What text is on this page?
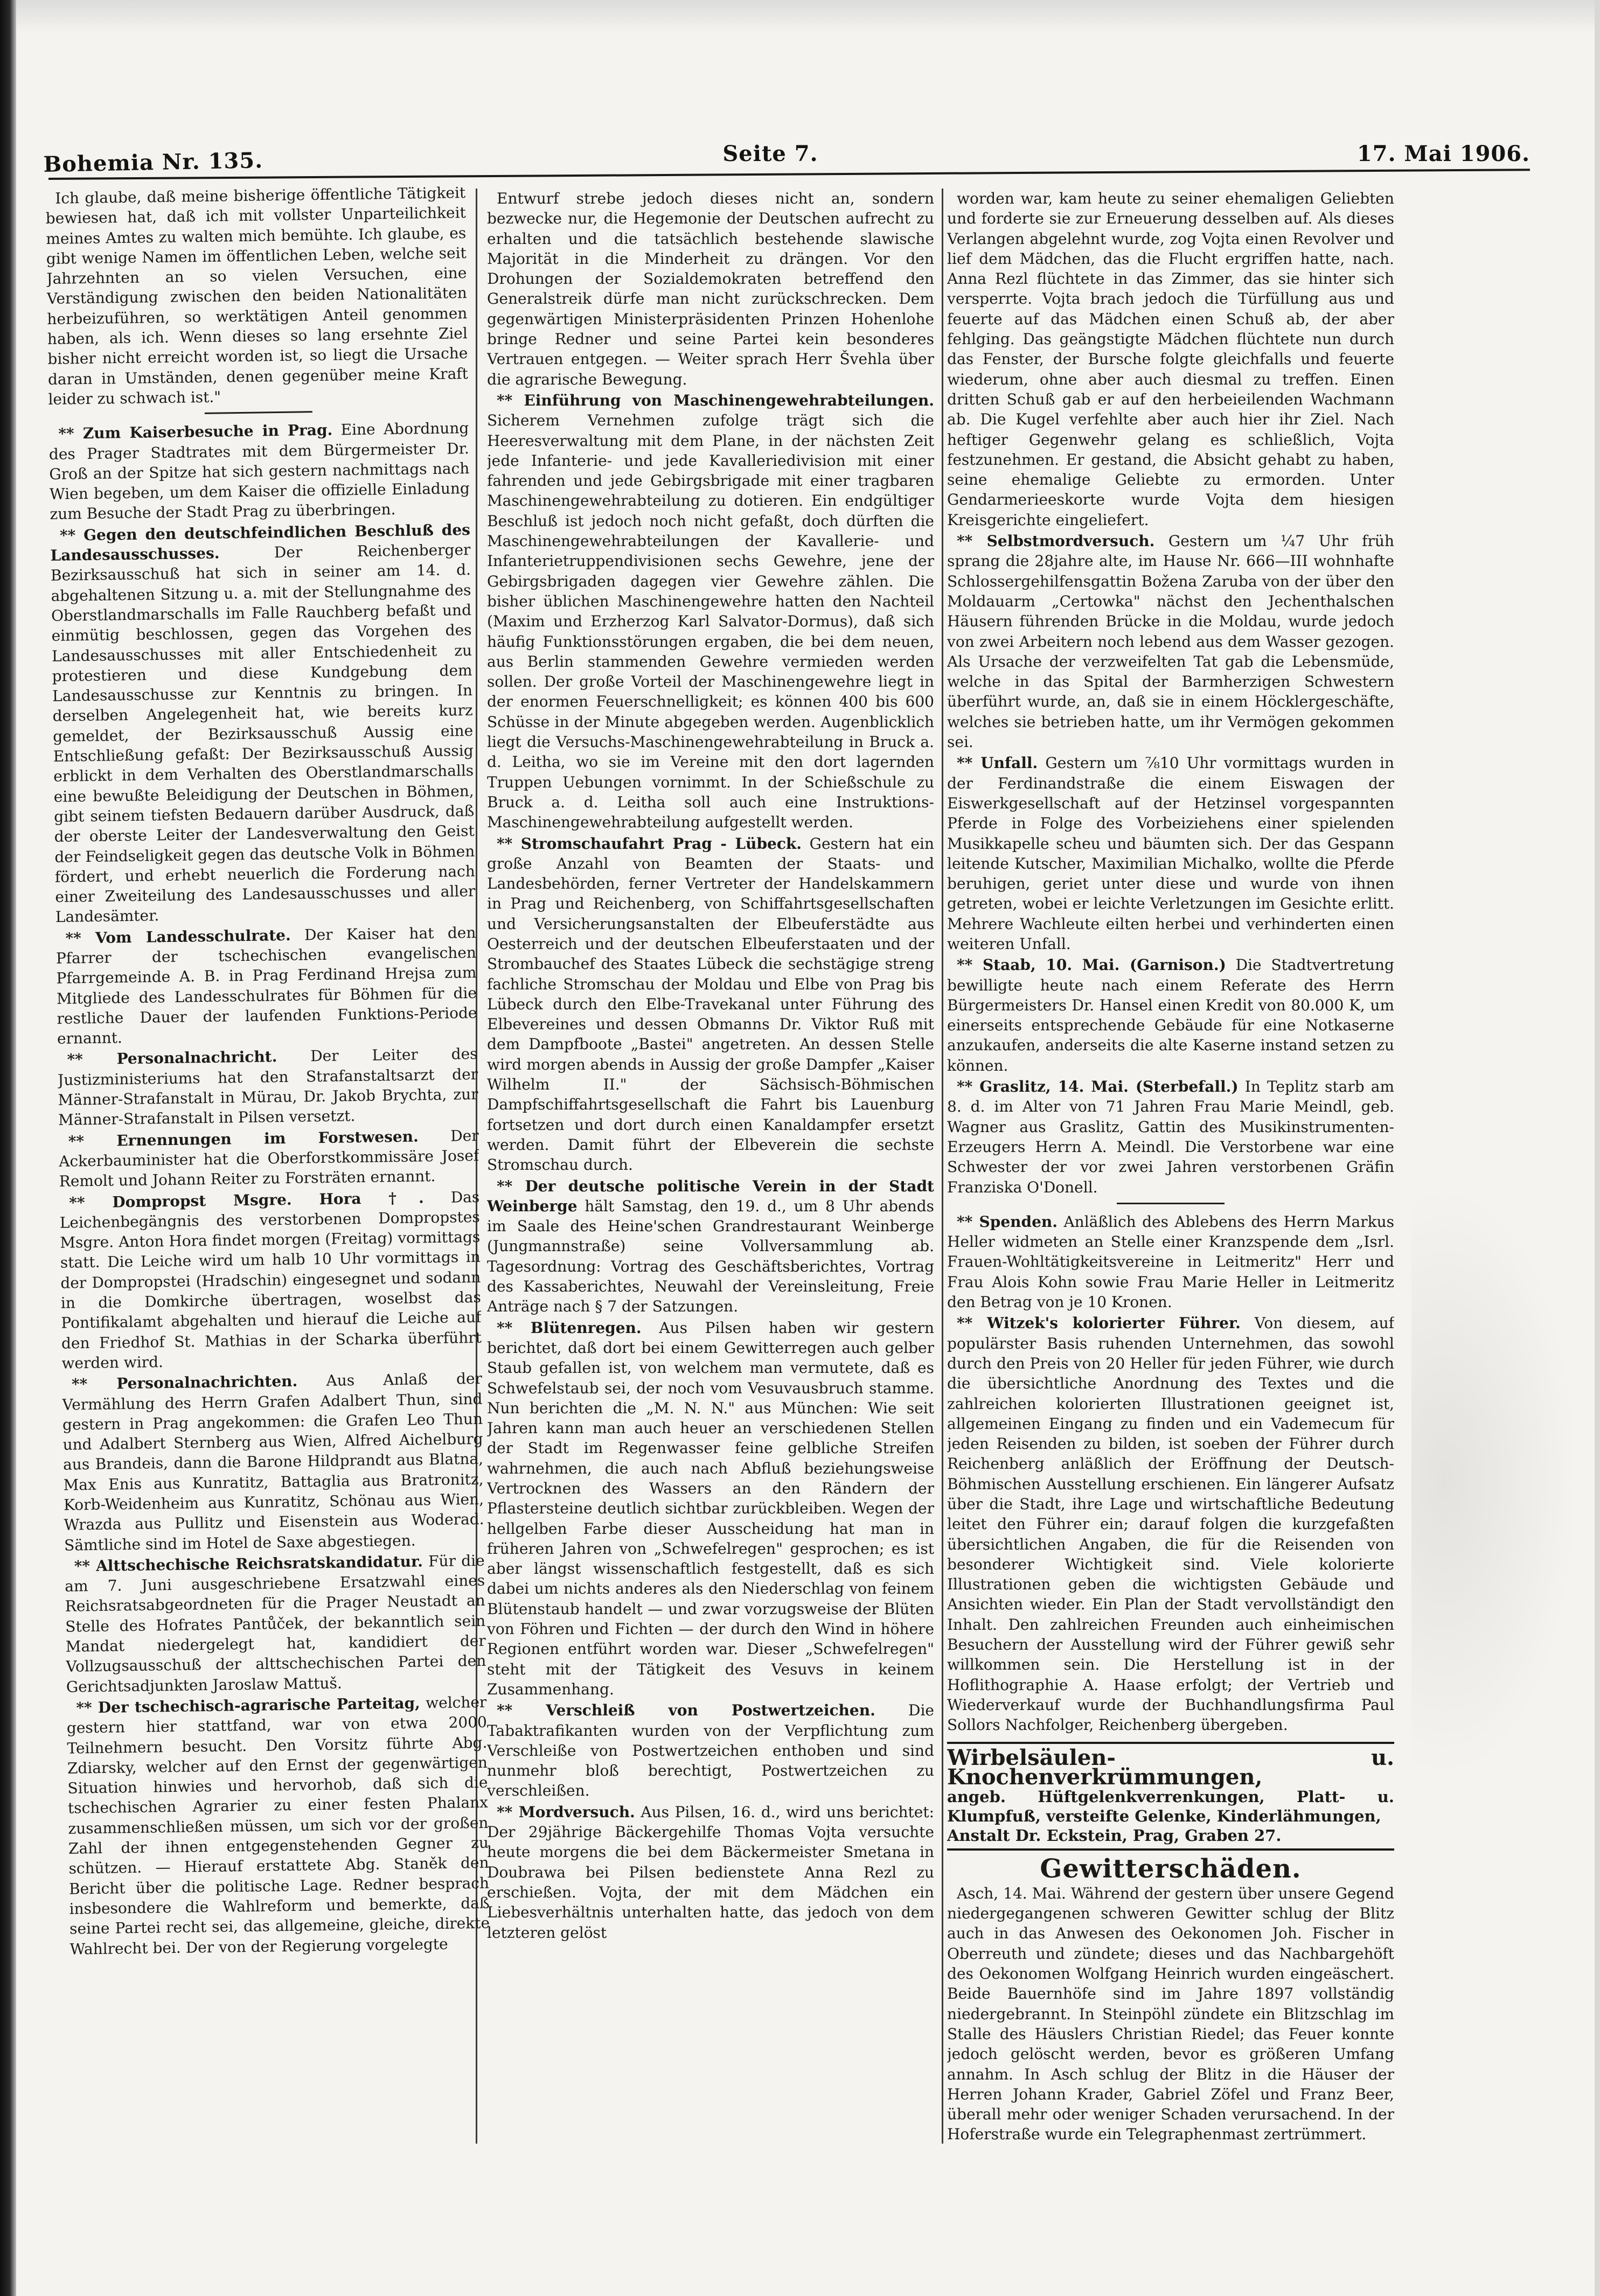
Bohemia Nr. 135.	Seite 7.	17. Mai 1906.

Ich glaube, daß meine bisherige öffentliche Tätigkeit bewiesen hat, daß ich mit vollster Unparteilichkeit meines Amtes zu walten mich bemühte. Ich glaube, es gibt wenige Namen im öffentlichen Leben, welche seit Jahrzehnten an so vielen Versuchen, eine Verständigung zwischen den beiden Nationalitäten herbeizuführen, so werktätigen Anteil genommen haben, als ich. Wenn dieses so lang ersehnte Ziel bisher nicht erreicht worden ist, so liegt die Ursache daran in Umständen, denen gegenüber meine Kraft leider zu schwach ist."

** Zum Kaiserbesuche in Prag. Eine Abordnung des Prager Stadtrates mit dem Bürgermeister Dr. Groß an der Spitze hat sich gestern nachmittags nach Wien begeben, um dem Kaiser die offizielle Einladung zum Besuche der Stadt Prag zu überbringen.

** Gegen den deutschfeindlichen Beschluß des Landesausschusses.	Der Reichenberger Bezirksausschuß hat sich in seiner am 14. d. abgehaltenen Sitzung u. a. mit der Stellungnahme des Oberstlandmarschalls im Falle Rauchberg befaßt und einmütig beschlossen, gegen das Vorgehen des Landesausschusses mit aller Entschiedenheit zu protestieren und diese Kundgebung dem Landesausschusse zur Kenntnis zu bringen. In derselben Angelegenheit hat, wie bereits kurz gemeldet, der Bezirksausschuß Aussig eine Entschließung gefaßt: Der Bezirksausschuß Aussig erblickt in dem Verhalten des Oberstlandmarschalls eine bewußte Beleidigung der Deutschen in Böhmen, gibt seinem tiefsten Bedauern darüber Ausdruck, daß der oberste Leiter der Landesverwaltung den Geist der Feindseligkeit gegen das deutsche Volk in Böhmen fördert, und erhebt neuerlich die Forderung nach einer Zweiteilung des Landesausschusses und aller Landesämter.

** Vom Landesschulrate. Der Kaiser hat den Pfarrer der tschechischen evangelischen Pfarrgemeinde A. B. in Prag Ferdinand Hrejsa zum Mitgliede des Landesschulrates für Böhmen für die restliche Dauer der laufenden Funktions-Periode ernannt.

** Personalnachricht. Der Leiter des Justizministeriums hat den Strafanstaltsarzt der Männer-Strafanstalt in Mürau, Dr. Jakob Brychta, zur Männer-Strafanstalt in Pilsen versetzt.

** Ernennungen im Forstwesen. Der Ackerbauminister hat die Oberforstkommissäre Josef Remolt und Johann Reiter zu Forsträten ernannt.

** Dompropst Msgre. Hora †. Das Leichenbegängnis des verstorbenen Dompropstes Msgre. Anton Hora findet morgen (Freitag) vormittags statt. Die Leiche wird um halb 10 Uhr vormittags in der Dompropstei (Hradschin) eingesegnet und sodann in die Domkirche übertragen, woselbst das Pontifikalamt abgehalten und hierauf die Leiche auf den Friedhof St. Mathias in der Scharka überführt werden wird.

** Personalnachrichten. Aus Anlaß der Vermählung des Herrn Grafen Adalbert Thun, sind gestern in Prag angekommen: die Grafen Leo Thun und Adalbert Sternberg aus Wien, Alfred Aichelburg aus Brandeis, dann die Barone Hildprandt aus Blatna, Max Enis aus Kunratitz, Battaglia aus Bratronitz, Korb-Weidenheim aus Kunratitz, Schönau aus Wien, Wrazda aus Pullitz und Eisenstein aus Woderad. Sämtliche sind im Hotel de Saxe abgestiegen.

** Alttschechische Reichsratskandidatur. Für die am 7. Juni ausgeschriebene Ersatzwahl eines Reichsratsabgeordneten für die Prager Neustadt an Stelle des Hofrates Pantůček, der bekanntlich sein Mandat niedergelegt hat, kandidiert der Vollzugsausschuß der alttschechischen Partei den Gerichtsadjunkten Jaroslaw Mattuš.

** Der tschechisch-agrarische Parteitag, welcher gestern hier stattfand, war von etwa 2000 Teilnehmern besucht. Den Vorsitz führte Abg. Zdiarsky, welcher auf den Ernst der gegenwärtigen Situation hinwies und hervorhob, daß sich die tschechischen Agrarier zu einer festen Phalanx zusammenschließen müssen, um sich vor der großen Zahl der ihnen entgegenstehenden Gegner zu schützen. — Hierauf erstattete Abg. Staněk den Bericht über die politische Lage. Redner besprach insbesondere die Wahlreform und bemerkte, daß seine Partei recht sei, das allgemeine, gleiche, direkte Wahlrecht bei. Der von der Regierung vorgelegte

Entwurf strebe jedoch dieses nicht an, sondern bezwecke nur, die Hegemonie der Deutschen aufrecht zu erhalten und die tatsächlich bestehende slawische Majorität in die Minderheit zu drängen. Vor den Drohungen der Sozialdemokraten betreffend den Generalstreik dürfe man nicht zurückschrecken. Dem gegenwärtigen Ministerpräsidenten Prinzen Hohenlohe bringe Redner und seine Partei kein besonderes Vertrauen entgegen. — Weiter sprach Herr Švehla über die agrarische Bewegung.

** Einführung von Maschinengewehrabteilungen. Sicherem Vernehmen zufolge trägt sich die Heeresverwaltung mit dem Plane, in der nächsten Zeit jede Infanterie- und jede Kavalleriedivision mit einer fahrenden und jede Gebirgsbrigade mit einer tragbaren Maschinengewehrabteilung zu dotieren. Ein endgültiger Beschluß ist jedoch noch nicht gefaßt, doch dürften die Maschinengewehrabteilungen der Kavallerie- und Infanterietruppendivisionen sechs Gewehre, jene der Gebirgsbrigaden dagegen vier Gewehre zählen. Die bisher üblichen Maschinengewehre hatten den Nachteil (Maxim und Erzherzog Karl Salvator-Dormus), daß sich häufig Funktionsstörungen ergaben, die bei dem neuen, aus Berlin stammenden Gewehre vermieden werden sollen. Der große Vorteil der Maschinengewehre liegt in der enormen Feuerschnelligkeit; es können 400 bis 600 Schüsse in der Minute abgegeben werden. Augenblicklich liegt die Versuchs-Maschinengewehrabteilung in Bruck a. d. Leitha, wo sie im Vereine mit den dort lagernden Truppen Uebungen vornimmt. In der Schießschule zu Bruck a. d. Leitha soll auch eine Instruktions-Maschinengewehrabteilung aufgestellt werden.

** Stromschaufahrt Prag - Lübeck. Gestern hat ein große Anzahl von Beamten der Staats- und Landesbehörden, ferner Vertreter der Handelskammern in Prag und Reichenberg, von Schiffahrtsgesellschaften und Versicherungsanstalten der Elbeuferstädte aus Oesterreich und der deutschen Elbeuferstaaten und der Strombauchef des Staates Lübeck die sechstägige streng fachliche Stromschau der Moldau und Elbe von Prag bis Lübeck durch den Elbe-Travekanal unter Führung des Elbevereines und dessen Obmanns Dr. Viktor Ruß mit dem Dampfboote „Bastei" angetreten. An dessen Stelle wird morgen abends in Aussig der große Dampfer „Kaiser Wilhelm II." der Sächsisch-Böhmischen Dampfschiffahrtsgesellschaft die Fahrt bis Lauenburg fortsetzen und dort durch einen Kanaldampfer ersetzt werden. Damit führt der Elbeverein die sechste Stromschau durch.

** Der deutsche politische Verein in der Stadt Weinberge hält Samstag, den 19. d., um 8 Uhr abends im Saale des Heine'schen Grandrestaurant Weinberge (Jungmannstraße) seine Vollversammlung ab. Tagesordnung: Vortrag des Geschäftsberichtes, Vortrag des Kassaberichtes, Neuwahl der Vereinsleitung, Freie Anträge nach § 7 der Satzungen.

** Blütenregen. Aus Pilsen haben wir gestern berichtet, daß dort bei einem Gewitterregen auch gelber Staub gefallen ist, von welchem man vermutete, daß es Schwefelstaub sei, der noch vom Vesuvausbruch stamme. Nun berichten die „M. N. N." aus München: Wie seit Jahren kann man auch heuer an verschiedenen Stellen der Stadt im Regenwasser feine gelbliche Streifen wahrnehmen, die auch nach Abfluß beziehungsweise Vertrocknen des Wassers an den Rändern der Pflastersteine deutlich sichtbar zurückbleiben. Wegen der hellgelben Farbe dieser Ausscheidung hat man in früheren Jahren von „Schwefelregen" gesprochen; es ist aber längst wissenschaftlich festgestellt, daß es sich dabei um nichts anderes als den Niederschlag von feinem Blütenstaub handelt — und zwar vorzugsweise der Blüten von Föhren und Fichten — der durch den Wind in höhere Regionen entführt worden war. Dieser „Schwefelregen" steht mit der Tätigkeit des Vesuvs in keinem Zusammenhang.

** Verschleiß von Postwertzeichen. Die Tabaktrafikanten wurden von der Verpflichtung zum Verschleiße von Postwertzeichen enthoben und sind nunmehr bloß berechtigt, Postwertzeichen zu verschleißen.

** Mordversuch. Aus Pilsen, 16. d., wird uns berichtet: Der 29jährige Bäckergehilfe Thomas Vojta versuchte heute morgens die bei dem Bäckermeister Smetana in Doubrawa bei Pilsen bedienstete Anna Rezl zu erschießen. Vojta, der mit dem Mädchen ein Liebesverhältnis unterhalten hatte, das jedoch von dem letzteren gelöst

worden war, kam heute zu seiner ehemaligen Geliebten und forderte sie zur Erneuerung desselben auf. Als dieses Verlangen abgelehnt wurde, zog Vojta einen Revolver und lief dem Mädchen, das die Flucht ergriffen hatte, nach. Anna Rezl flüchtete in das Zimmer, das sie hinter sich versperrte. Vojta brach jedoch die Türfüllung aus und feuerte auf das Mädchen einen Schuß ab, der aber fehlging. Das geängstigte Mädchen flüchtete nun durch das Fenster, der Bursche folgte gleichfalls und feuerte wiederum, ohne aber auch diesmal zu treffen. Einen dritten Schuß gab er auf den herbeieilenden Wachmann ab. Die Kugel verfehlte aber auch hier ihr Ziel. Nach heftiger Gegenwehr gelang es schließlich, Vojta festzunehmen. Er gestand, die Absicht gehabt zu haben, seine ehemalige Geliebte zu ermorden. Unter Gendarmerieeskorte wurde Vojta dem hiesigen Kreisgerichte eingeliefert.

** Selbstmordversuch. Gestern um ¼7 Uhr früh sprang die 28jahre alte, im Hause Nr. 666—III wohnhafte Schlossergehilfensgattin Božena Zaruba von der über den Moldauarm „Certowka" nächst den Jechenthalschen Häusern führenden Brücke in die Moldau, wurde jedoch von zwei Arbeitern noch lebend aus dem Wasser gezogen. Als Ursache der verzweifelten Tat gab die Lebensmüde, welche in das Spital der Barmherzigen Schwestern überführt wurde, an, daß sie in einem Höcklergeschäfte, welches sie betrieben hatte, um ihr Vermögen gekommen sei.

** Unfall. Gestern um ⅞10 Uhr vormittags wurden in der Ferdinandstraße die einem Eiswagen der Eiswerkgesellschaft auf der Hetzinsel vorgespannten Pferde in Folge des Vorbeiziehens einer spielenden Musikkapelle scheu und bäumten sich. Der das Gespann leitende Kutscher, Maximilian Michalko, wollte die Pferde beruhigen, geriet unter diese und wurde von ihnen getreten, wobei er leichte Verletzungen im Gesichte erlitt. Mehrere Wachleute eilten herbei und verhinderten einen weiteren Unfall.

** Staab, 10. Mai. (Garnison.) Die Stadtvertretung bewilligte heute nach einem Referate des Herrn Bürgermeisters Dr. Hansel einen Kredit von 80.000 K, um einerseits entsprechende Gebäude für eine Notkaserne anzukaufen, anderseits die alte Kaserne instand setzen zu können.

** Graslitz, 14. Mai. (Sterbefall.) In Teplitz starb am 8. d. im Alter von 71 Jahren Frau Marie Meindl, geb. Wagner aus Graslitz, Gattin des Musikinstrumenten-Erzeugers Herrn A. Meindl. Die Verstorbene war eine Schwester der vor zwei Jahren verstorbenen Gräfin Franziska O'Donell.

** Spenden. Anläßlich des Ablebens des Herrn Markus Heller widmeten an Stelle einer Kranzspende dem „Isrl. Frauen-Wohltätigkeitsvereine in Leitmeritz" Herr und Frau Alois Kohn sowie Frau Marie Heller in Leitmeritz den Betrag von je 10 Kronen.

** Witzek's kolorierter Führer. Von diesem, auf populärster Basis ruhenden Unternehmen, das sowohl durch den Preis von 20 Heller für jeden Führer, wie durch die übersichtliche Anordnung des Textes und die zahlreichen kolorierten Illustrationen geeignet ist, allgemeinen Eingang zu finden und ein Vademecum für jeden Reisenden zu bilden, ist soeben der Führer durch Reichenberg anläßlich der Eröffnung der Deutsch-Böhmischen Ausstellung erschienen. Ein längerer Aufsatz über die Stadt, ihre Lage und wirtschaftliche Bedeutung leitet den Führer ein; darauf folgen die kurzgefaßten übersichtlichen Angaben, die für die Reisenden von besonderer Wichtigkeit sind. Viele kolorierte Illustrationen geben die wichtigsten Gebäude und Ansichten wieder. Ein Plan der Stadt vervollständigt den Inhalt. Den zahlreichen Freunden auch einheimischen Besuchern der Ausstellung wird der Führer gewiß sehr willkommen sein. Die Herstellung ist in der Hoflithographie A. Haase erfolgt; der Vertrieb und Wiederverkauf wurde der Buchhandlungsfirma Paul Sollors Nachfolger, Reichenberg übergeben.

Wirbelsäulen- u. Knochenverkrümmungen,
angeb. Hüftgelenkverrenkungen, Platt- u. Klumpfuß, versteifte Gelenke, Kinderlähmungen,
Anstalt Dr. Eckstein, Prag, Graben 27.
Gewitterschäden.

Asch, 14. Mai. Während der gestern über unsere Gegend niedergegangenen schweren Gewitter schlug der Blitz auch in das Anwesen des Oekonomen Joh. Fischer in Oberreuth und zündete; dieses und das Nachbargehöft des Oekonomen Wolfgang Heinrich wurden eingeäschert. Beide Bauernhöfe sind im Jahre 1897 vollständig niedergebrannt. In Steinpöhl zündete ein Blitzschlag im Stalle des Häuslers Christian Riedel; das Feuer konnte jedoch gelöscht werden, bevor es größeren Umfang annahm. In Asch schlug der Blitz in die Häuser der Herren Johann Krader, Gabriel Zöfel und Franz Beer, überall mehr oder weniger Schaden verursachend. In der Hoferstraße wurde ein Telegraphenmast zertrümmert.
